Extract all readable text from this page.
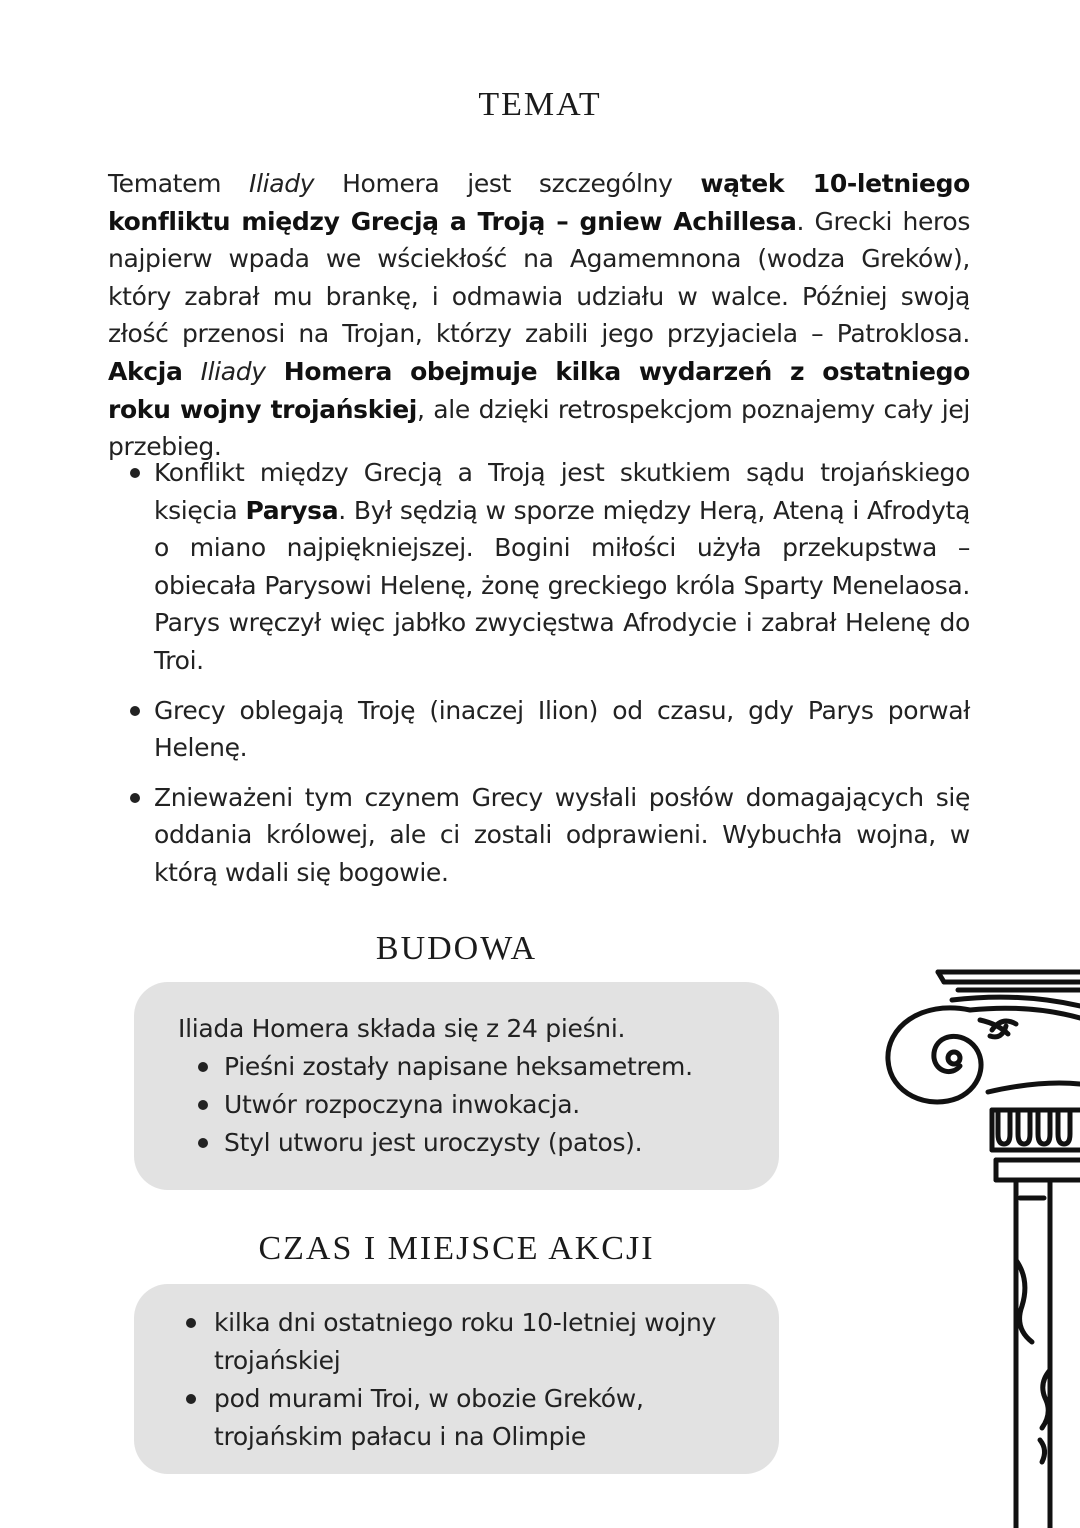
TEMAT

Tematem Iliady Homera jest szczególny wątek 10-letniego konfliktu między Grecją a Troją – gniew Achillesa. Grecki heros najpierw wpada we wściekłość na Agamemnona (wodza Greków), który zabrał mu brankę, i odmawia udziału w walce. Później swoją złość przenosi na Trojan, którzy zabili jego przyjaciela – Patroklosa. Akcja Iliady Homera obejmuje kilka wydarzeń z ostatniego roku wojny trojańskiej, ale dzięki retrospekcjom poznajemy cały jej przebieg.

Konflikt między Grecją a Troją jest skutkiem sądu trojańskiego księcia Parysa. Był sędzią w sporze między Herą, Ateną i Afrodytą o miano najpiękniejszej. Bogini miłości użyła przekupstwa – obiecała Parysowi Helenę, żonę greckiego króla Sparty Menelaosa. Parys wręczył więc jabłko zwycięstwa Afrodycie i zabrał Helenę do Troi.
Grecy oblegają Troję (inaczej Ilion) od czasu, gdy Parys porwał Helenę.
Znieważeni tym czynem Grecy wysłali posłów domagających się oddania królowej, ale ci zostali odprawieni. Wybuchła wojna, w którą wdali się bogowie.
BUDOWA

Iliada Homera składa się z 24 pieśni.

Pieśni zostały napisane heksametrem.
Utwór rozpoczyna inwokacja.
Styl utworu jest uroczysty (patos).
CZAS I MIEJSCE AKCJI
kilka dni ostatniego roku 10-letniej wojny trojańskiej
pod murami Troi, w obozie Greków, trojańskim pałacu i na Olimpie
